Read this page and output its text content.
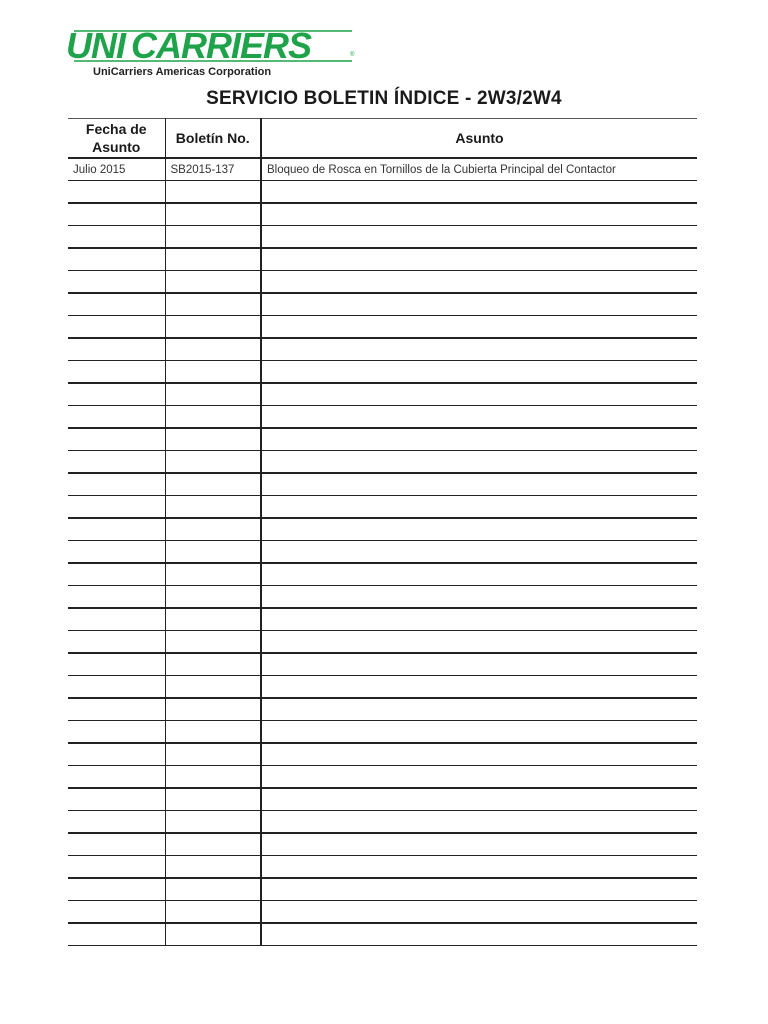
UNI CARRIERS	®
UniCarriers Americas Corporation
SERVICIO BOLETIN ÍNDICE - 2W3/2W4
Fecha de Asunto	Boletín No.	Asunto
Julio 2015	SB2015-137	Bloqueo de Rosca en Tornillos de la Cubierta Principal del Contactor
